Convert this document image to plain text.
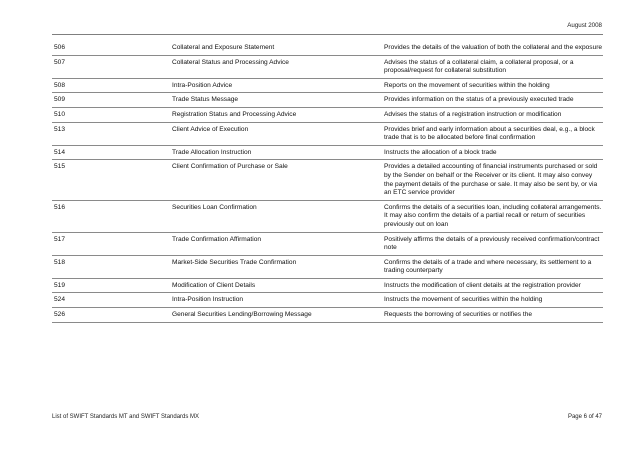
August 2008
506	Collateral and Exposure Statement	Provides the details of the valuation of both the collateral and the exposure
507	Collateral Status and Processing Advice	Advises the status of a collateral claim, a collateral proposal, or a proposal/request for collateral substitution
508	Intra-Position Advice	Reports on the movement of securities within the holding
509	Trade Status Message	Provides information on the status of a previously executed trade
510	Registration Status and Processing Advice	Advises the status of a registration instruction or modification
513	Client Advice of Execution	Provides brief and early information about a securities deal, e.g., a block trade that is to be allocated before final confirmation
514	Trade Allocation Instruction	Instructs the allocation of a block trade
515	Client Confirmation of Purchase or Sale	Provides a detailed accounting of financial instruments purchased or sold by the Sender on behalf or the Receiver or its client. It may also convey the payment details of the purchase or sale. It may also be sent by, or via an ETC service provider
516	Securities Loan Confirmation	Confirms the details of a securities loan, including collateral arrangements. It may also confirm the details of a partial recall or return of securities previously out on loan
517	Trade Confirmation Affirmation	Positively affirms the details of a previously received confirmation/contract note
518	Market-Side Securities Trade Confirmation	Confirms the details of a trade and where necessary, its settlement to a trading counterparty
519	Modification of Client Details	Instructs the modification of client details at the registration provider
524	Intra-Position Instruction	Instructs the movement of securities within the holding
526	General Securities Lending/Borrowing Message	Requests the borrowing of securities or notifies the
List of SWIFT Standards MT and SWIFT Standards MX	Page 6 of 47
